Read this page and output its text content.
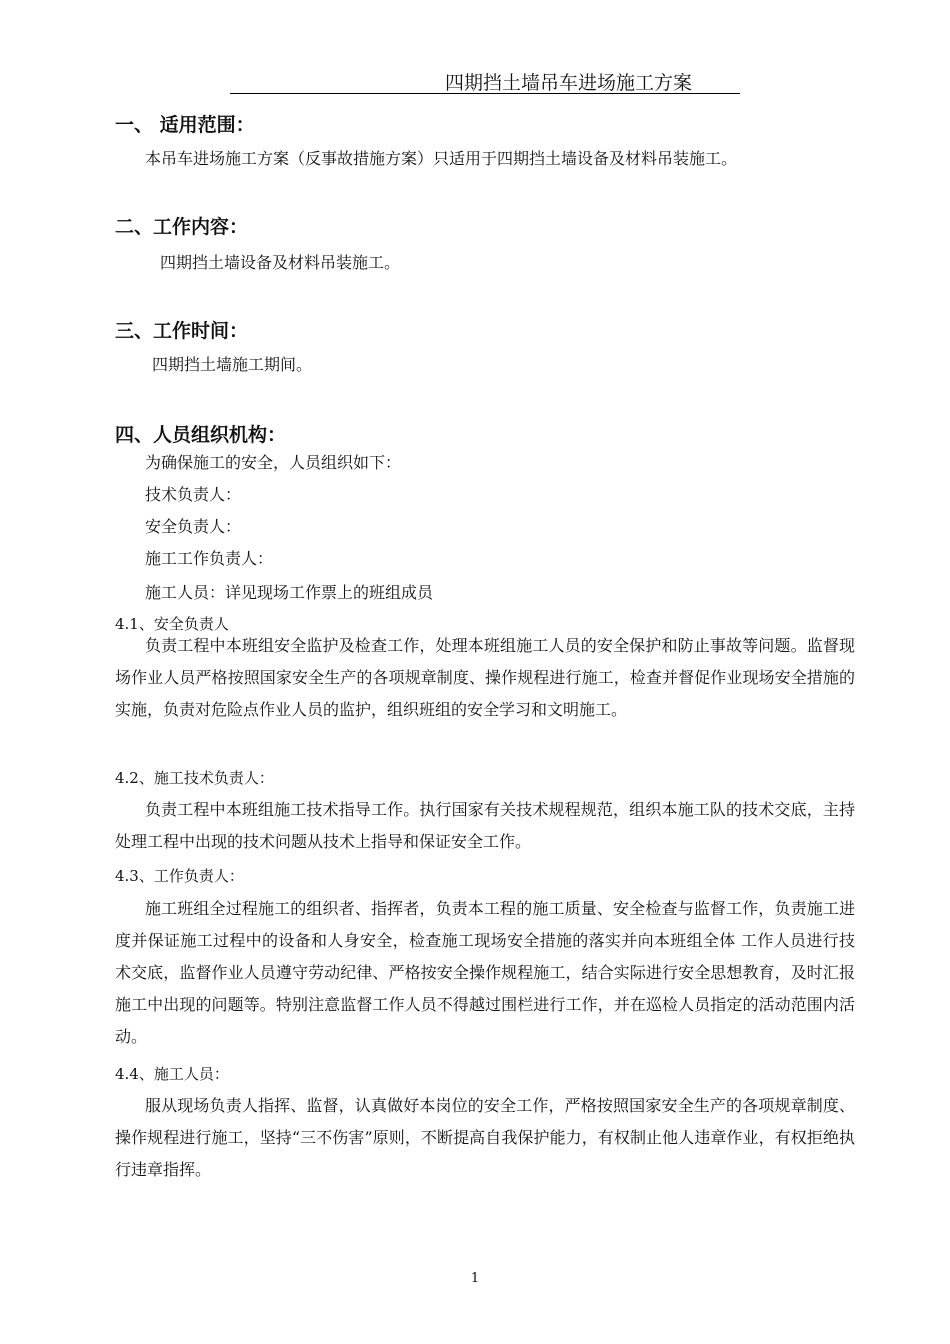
四期挡土墙吊车进场施工方案
一、 适用范围：
本吊车进场施工方案（反事故措施方案）只适用于四期挡土墙设备及材料吊装施工。
二、工作内容：
四期挡土墙设备及材料吊装施工。
三、工作时间：
四期挡土墙施工期间。
四、人员组织机构：
为确保施工的安全，人员组织如下：
技术负责人：
安全负责人：
施工工作负责人：
施工人员：详见现场工作票上的班组成员
4.1、安全负责人
负责工程中本班组安全监护及检查工作，处理本班组施工人员的安全保护和防止事故等问题。监督现场作业人员严格按照国家安全生产的各项规章制度、操作规程进行施工，检查并督促作业现场安全措施的实施，负责对危险点作业人员的监护，组织班组的安全学习和文明施工。
4.2、施工技术负责人：
负责工程中本班组施工技术指导工作。执行国家有关技术规程规范，组织本施工队的技术交底，主持处理工程中出现的技术问题从技术上指导和保证安全工作。
4.3、工作负责人：
施工班组全过程施工的组织者、指挥者，负责本工程的施工质量、安全检查与监督工作，负责施工进度并保证施工过程中的设备和人身安全，检查施工现场安全措施的落实并向本班组全体 工作人员进行技术交底，监督作业人员遵守劳动纪律、严格按安全操作规程施工，结合实际进行安全思想教育，及时汇报施工中出现的问题等。特别注意监督工作人员不得越过围栏进行工作，并在巡检人员指定的活动范围内活动。
4.4、施工人员：
服从现场负责人指挥、监督，认真做好本岗位的安全工作，严格按照国家安全生产的各项规章制度、操作规程进行施工，坚持“三不伤害”原则，不断提高自我保护能力，有权制止他人违章作业，有权拒绝执行违章指挥。
1
